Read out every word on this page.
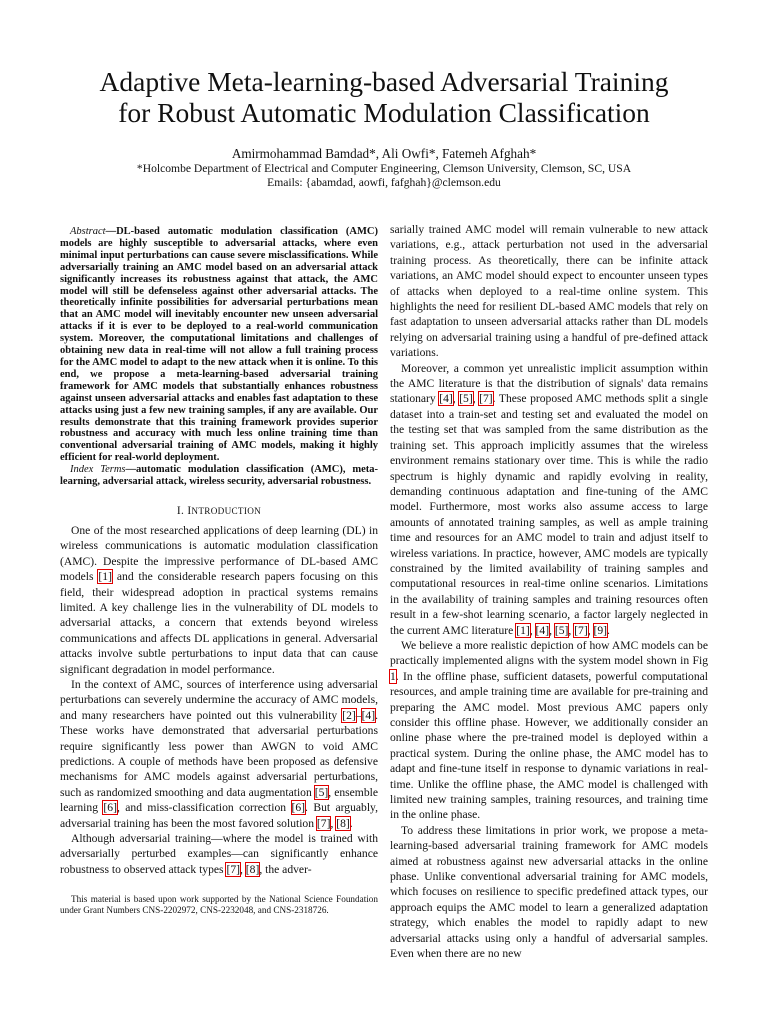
Adaptive Meta-learning-based Adversarial Training
for Robust Automatic Modulation Classification
Amirmohammad Bamdad*, Ali Owfi*, Fatemeh Afghah*
*Holcombe Department of Electrical and Computer Engineering, Clemson University, Clemson, SC, USA
Emails: {abamdad, aowfi, fafghah}@clemson.edu

Abstract—DL-based automatic modulation classification (AMC) models are highly susceptible to adversarial attacks, where even minimal input perturbations can cause severe misclassifications. While adversarially training an AMC model based on an adversarial attack significantly increases its robustness against that attack, the AMC model will still be defenseless against other adversarial attacks. The theoretically infinite possibilities for adversarial perturbations mean that an AMC model will inevitably encounter new unseen adversarial attacks if it is ever to be deployed to a real-world communication system. Moreover, the computational limitations and challenges of obtaining new data in real-time will not allow a full training process for the AMC model to adapt to the new attack when it is online. To this end, we propose a meta-learning-based adversarial training framework for AMC models that substantially enhances robustness against unseen adversarial attacks and enables fast adaptation to these attacks using just a few new training samples, if any are available. Our results demonstrate that this training framework provides superior robustness and accuracy with much less online training time than conventional adversarial training of AMC models, making it highly efficient for real-world deployment.

Index Terms—automatic modulation classification (AMC), meta-learning, adversarial attack, wireless security, adversarial robustness.

I. INTRODUCTION

One of the most researched applications of deep learning (DL) in wireless communications is automatic modulation classification (AMC). Despite the impressive performance of DL-based AMC models [1] and the considerable research papers focusing on this field, their widespread adoption in practical systems remains limited. A key challenge lies in the vulnerability of DL models to adversarial attacks, a concern that extends beyond wireless communications and affects DL applications in general. Adversarial attacks involve subtle perturbations to input data that can cause significant degradation in model performance.

In the context of AMC, sources of interference using adversarial perturbations can severely undermine the accuracy of AMC models, and many researchers have pointed out this vulnerability [2]–[4]. These works have demonstrated that adversarial perturbations require significantly less power than AWGN to void AMC predictions. A couple of methods have been proposed as defensive mechanisms for AMC models against adversarial perturbations, such as randomized smoothing and data augmentation [5], ensemble learning [6], and miss-classification correction [6]. But arguably, adversarial training has been the most favored solution [7], [8].

Although adversarial training—where the model is trained with adversarially perturbed examples—can significantly enhance robustness to observed attack types [7], [8], the adver-

This material is based upon work supported by the National Science Foundation under Grant Numbers CNS-2202972, CNS-2232048, and CNS-2318726.

sarially trained AMC model will remain vulnerable to new attack variations, e.g., attack perturbation not used in the adversarial training process. As theoretically, there can be infinite attack variations, an AMC model should expect to encounter unseen types of attacks when deployed to a real-time online system. This highlights the need for resilient DL-based AMC models that rely on fast adaptation to unseen adversarial attacks rather than DL models relying on adversarial training using a handful of pre-defined attack variations.

Moreover, a common yet unrealistic implicit assumption within the AMC literature is that the distribution of signals' data remains stationary [4], [5], [7]. These proposed AMC methods split a single dataset into a train-set and testing set and evaluated the model on the testing set that was sampled from the same distribution as the training set. This approach implicitly assumes that the wireless environment remains stationary over time. This is while the radio spectrum is highly dynamic and rapidly evolving in reality, demanding continuous adaptation and fine-tuning of the AMC model. Furthermore, most works also assume access to large amounts of annotated training samples, as well as ample training time and resources for an AMC model to train and adjust itself to wireless variations. In practice, however, AMC models are typically constrained by the limited availability of training samples and computational resources in real-time online scenarios. Limitations in the availability of training samples and training resources often result in a few-shot learning scenario, a factor largely neglected in the current AMC literature [1], [4], [5], [7], [9].

We believe a more realistic depiction of how AMC models can be practically implemented aligns with the system model shown in Fig 1. In the offline phase, sufficient datasets, powerful computational resources, and ample training time are available for pre-training and preparing the AMC model. Most previous AMC papers only consider this offline phase. However, we additionally consider an online phase where the pre-trained model is deployed within a practical system. During the online phase, the AMC model has to adapt and fine-tune itself in response to dynamic variations in real-time. Unlike the offline phase, the AMC model is challenged with limited new training samples, training resources, and training time in the online phase.

To address these limitations in prior work, we propose a meta-learning-based adversarial training framework for AMC models aimed at robustness against new adversarial attacks in the online phase. Unlike conventional adversarial training for AMC models, which focuses on resilience to specific predefined attack types, our approach equips the AMC model to learn a generalized adaptation strategy, which enables the model to rapidly adapt to new adversarial attacks using only a handful of adversarial samples. Even when there are no new
